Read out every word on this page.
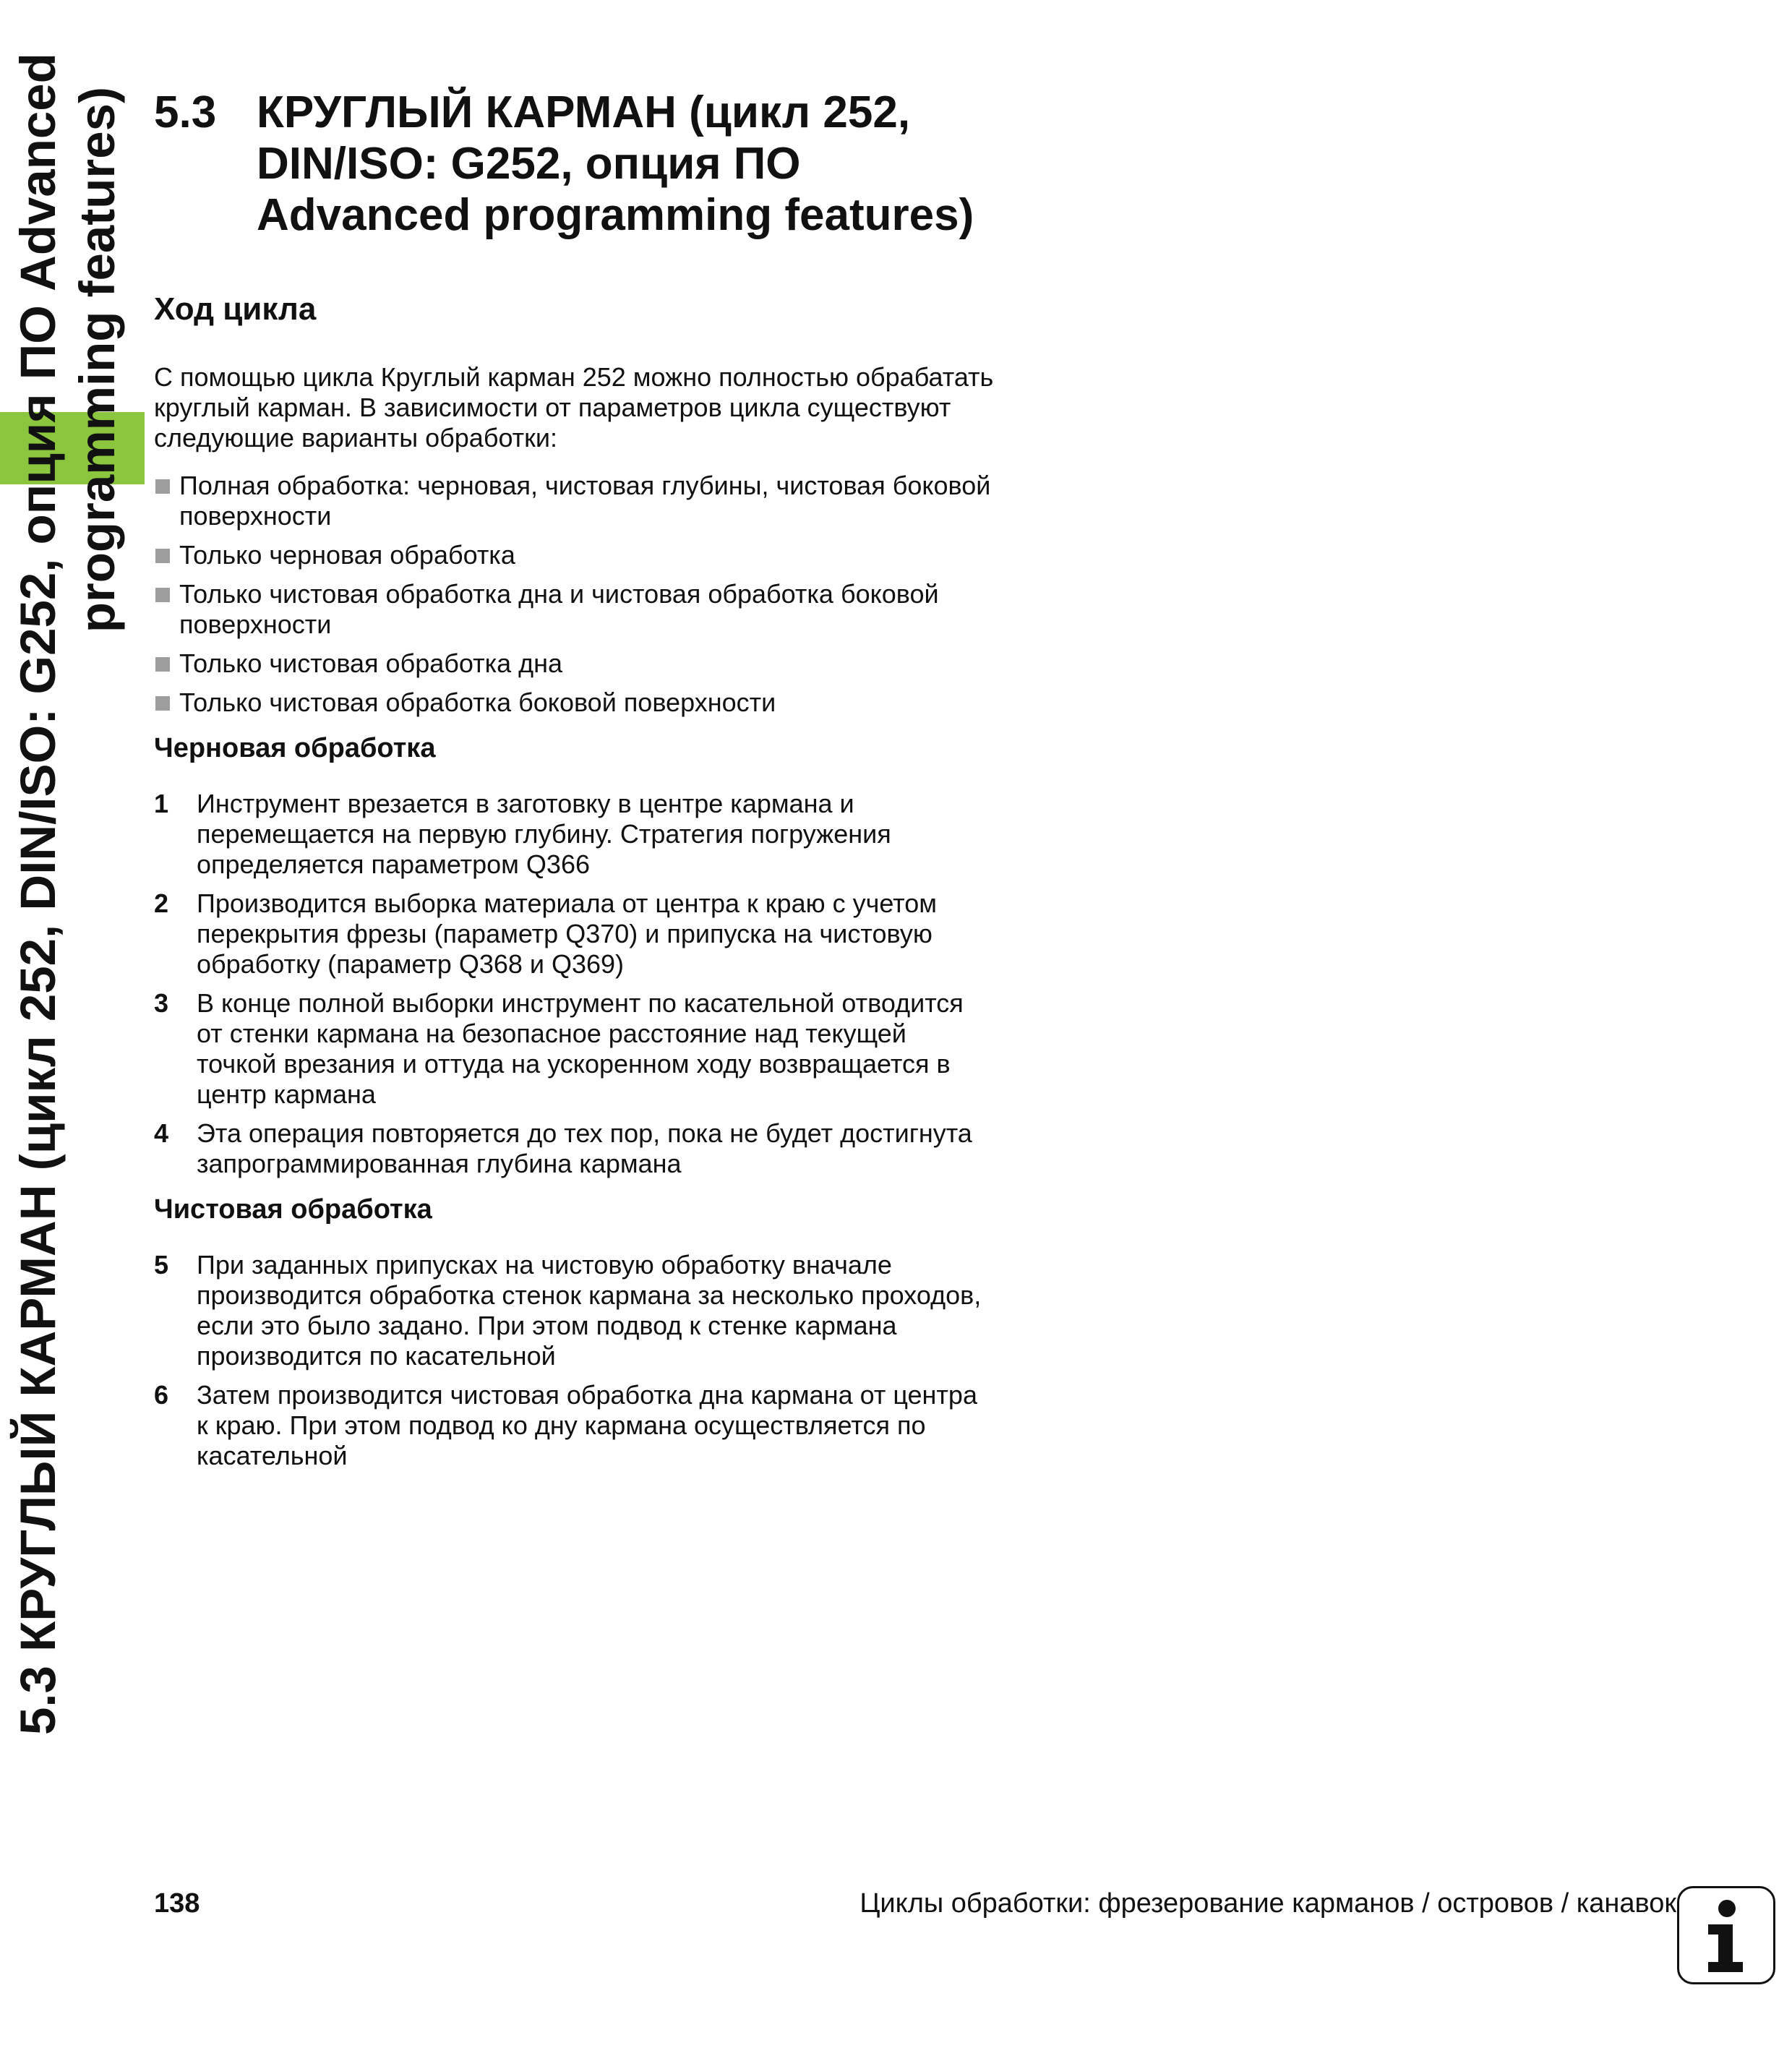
5.3 КРУГЛЫЙ КАРМАН (цикл 252, DIN/ISO: G252, опция ПО Advanced programming features) 5.3 КРУГЛЫЙ КАРМАН (цикл 252, DIN/ISO: G252, опция ПО Advanced programming features)
Ход цикла

С помощью цикла Круглый карман 252 можно полностью обрабатать круглый карман. В зависимости от параметров цикла существуют следующие варианты обработки:

Полная обработка: черновая, чистовая глубины, чистовая боковой поверхности
Только черновая обработка
Только чистовая обработка дна и чистовая обработка боковой поверхности
Только чистовая обработка дна
Только чистовая обработка боковой поверхности
Черновая обработка
1	Инструмент врезается в заготовку в центре кармана и перемещается на первую глубину. Стратегия погружения определяется параметром Q366
2	Производится выборка материала от центра к краю с учетом перекрытия фрезы (параметр Q370) и припуска на чистовую обработку (параметр Q368 и Q369)
3	В конце полной выборки инструмент по касательной отводится от стенки кармана на безопасное расстояние над текущей точкой врезания и оттуда на ускоренном ходу возвращается в центр кармана
4	Эта операция повторяется до тех пор, пока не будет достигнута запрограммированная глубина кармана
Чистовая обработка
5	При заданных припусках на чистовую обработку вначале производится обработка стенок кармана за несколько проходов, если это было задано. При этом подвод к стенке кармана производится по касательной
6	Затем производится чистовая обработка дна кармана от центра к краю. При этом подвод ко дну кармана осуществляется по касательной
138	Циклы обработки: фрезерование карманов / островов / канавок
